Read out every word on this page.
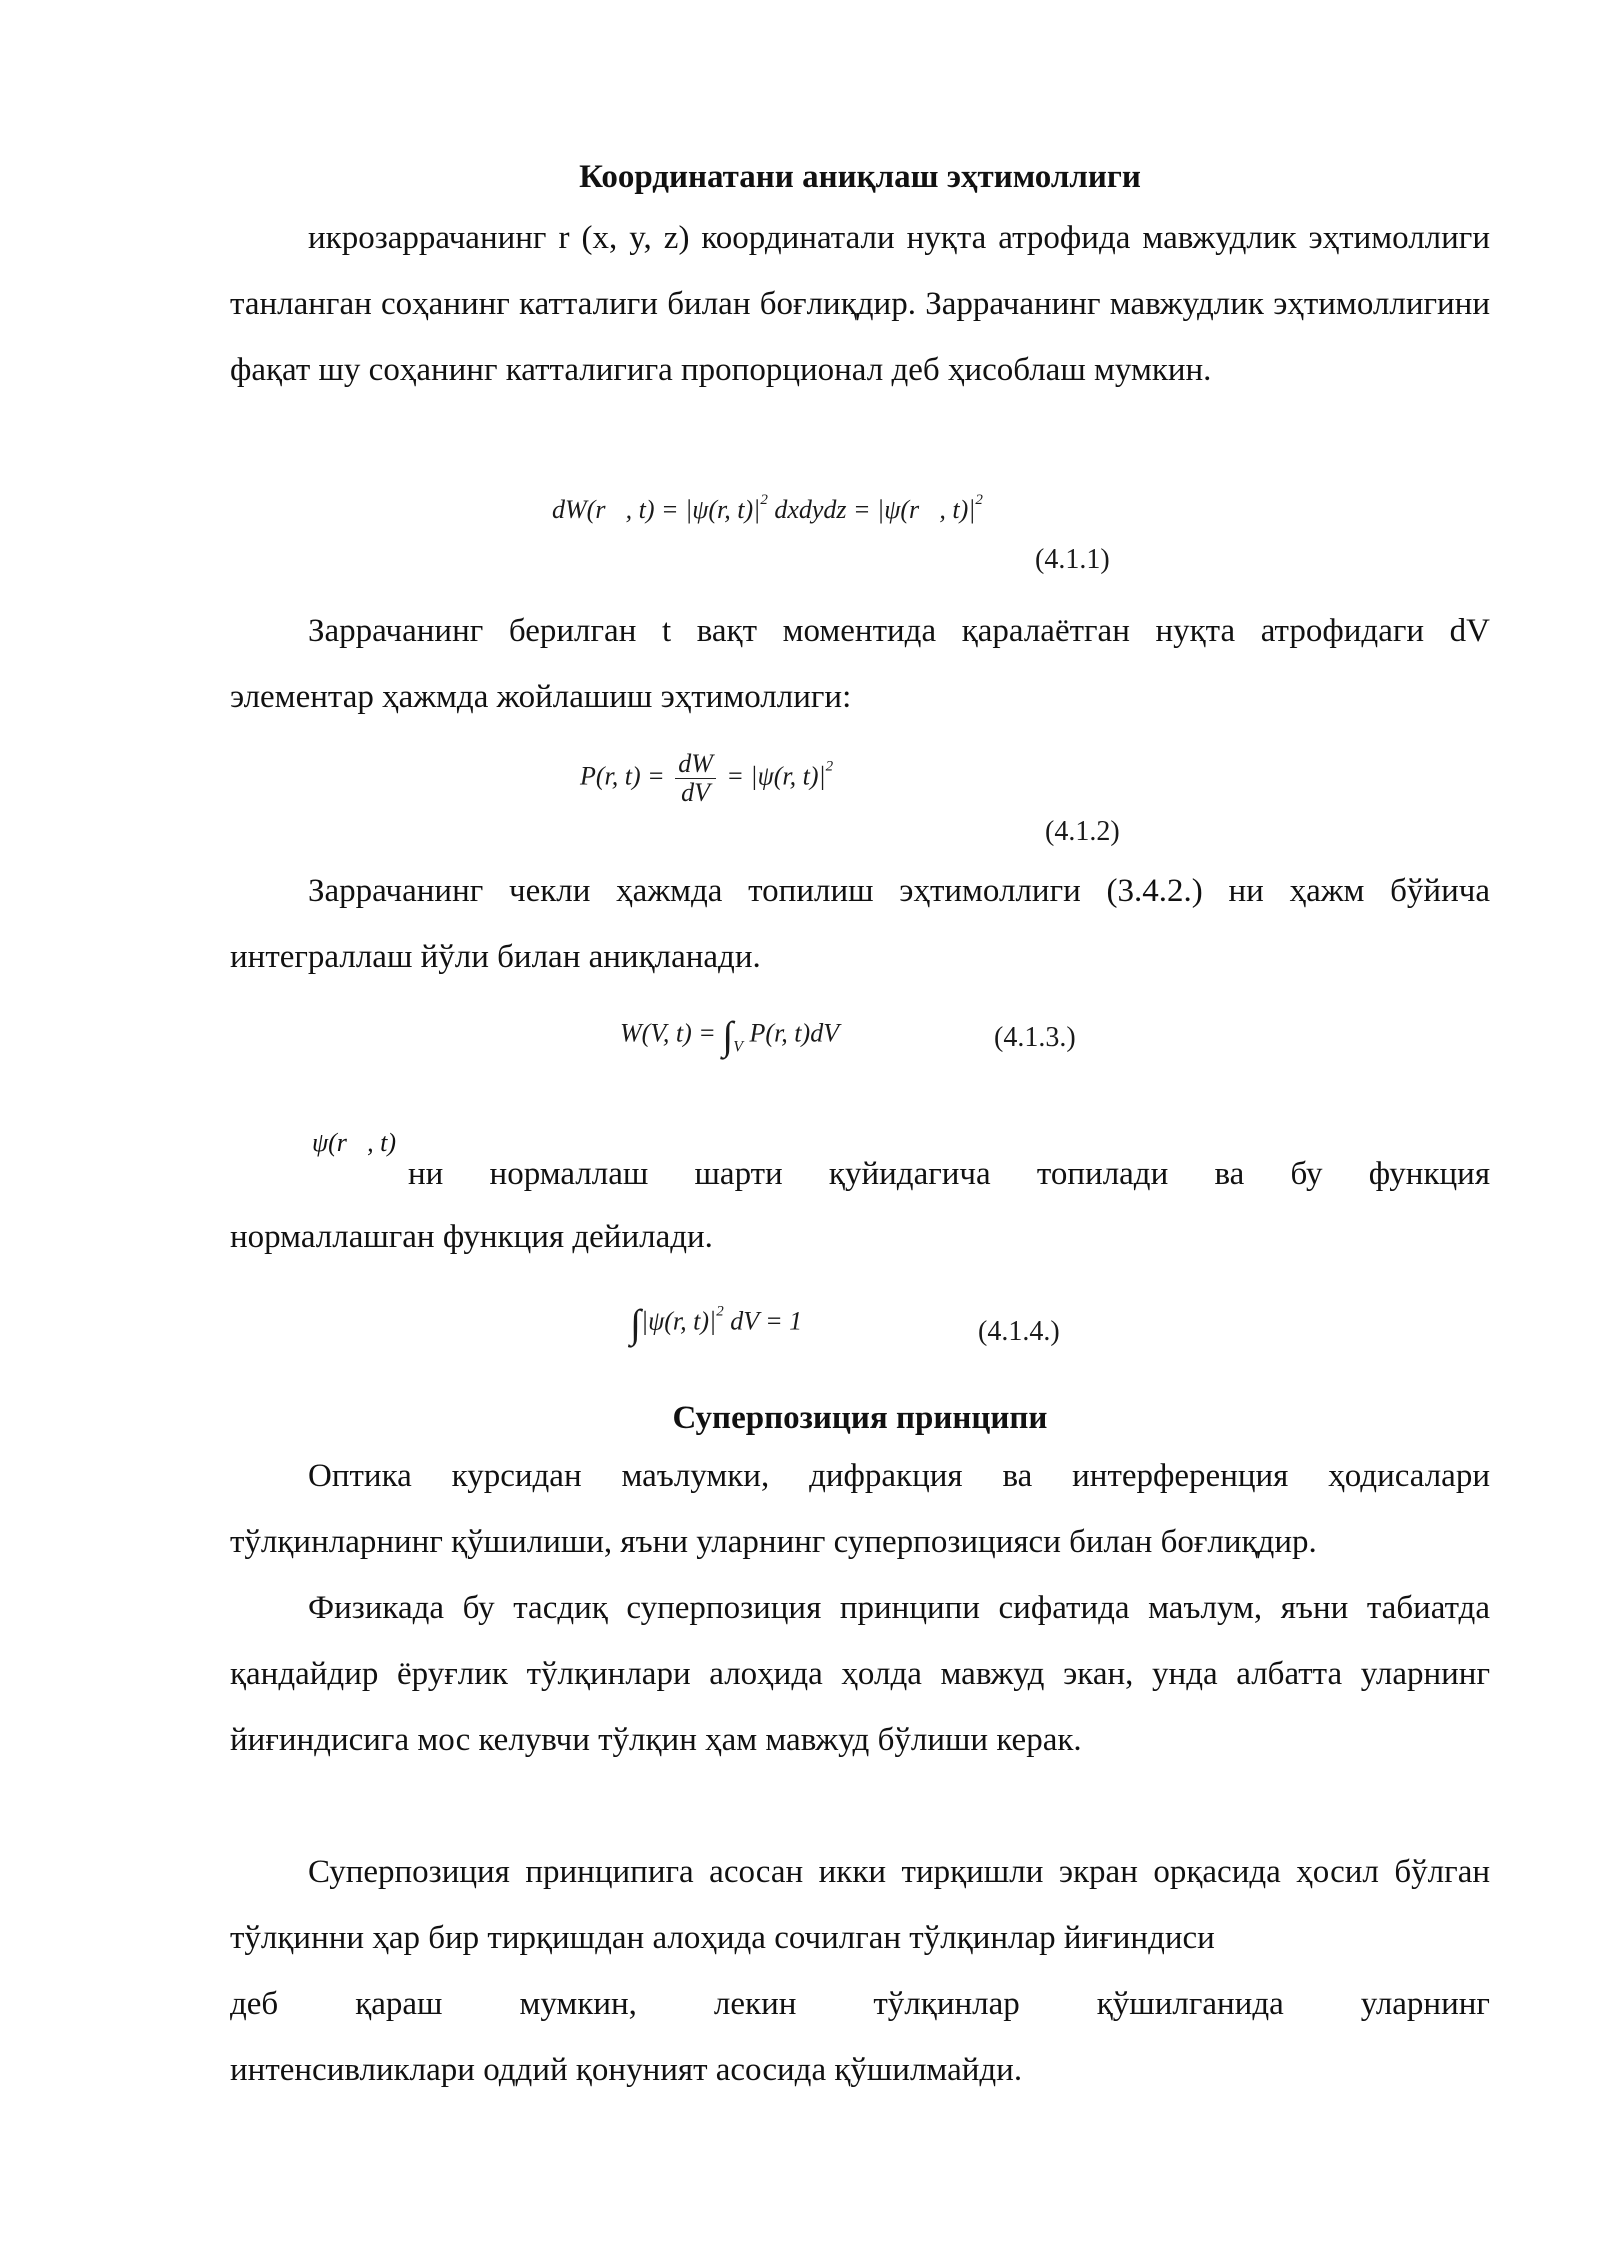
Координатани аниқлаш эҳтимоллиги
икрозаррачанинг r (x, y, z) координатали нуқта атрофида мавжудлик эҳтимоллиги танланган соҳанинг катталиги билан боғлиқдир. Заррачанинг мавжудлик эҳтимоллигини фақат шу соҳанинг катталигига пропорционал деб ҳисоблаш мумкин.
dW(r⃗, t) = |ψ(r, $t)|^2$ dxdydz = |ψ(r⃗, $t)|^2$
(4.1.1)
Заррачанинг берилган t вақт моментида қаралаётган нуқта атрофидаги dV элементар ҳажмда жойлашиш эҳтимоллиги:
P(r, $t) = \frac{dW}{dV} = |\psi(r$, $t)|^2$
(4.1.2)
Заррачанинг чекли ҳажмда топилиш эҳтимоллиги (3.4.2.) ни ҳажм бўйича интеграллаш йўли билан аниқланади.
W(V, $t) = \int_V$ P(r, t)dV	(4.1.3.)
ψ(r⃗, t)
ни нормаллаш шарти қуйидагича топилади ва бу функция
нормаллашган функция дейилади.
∫|ψ(r, $t)|^2$ dV = 1	(4.1.4.)
Суперпозиция принципи
Оптика курсидан маълумки, дифракция ва интерференция ҳодисалари тўлқинларнинг қўшилиши, яъни уларнинг суперпозицияси билан боғлиқдир.
Физикада бу тасдиқ суперпозиция принципи сифатида маълум, яъни табиатда қандайдир ёруғлик тўлқинлари алоҳида ҳолда мавжуд экан, унда албатта уларнинг йиғиндисига мос келувчи тўлқин ҳам мавжуд бўлиши керак.
Суперпозиция принципига асосан икки тирқишли экран орқасида ҳосил бўлган тўлқинни ҳар бир тирқишдан алоҳида сочилган тўлқинлар йиғиндиси
деб қараш мумкин, лекин тўлқинлар қўшилганида уларнинг
интенсивликлари оддий қонуният асосида қўшилмайди.
